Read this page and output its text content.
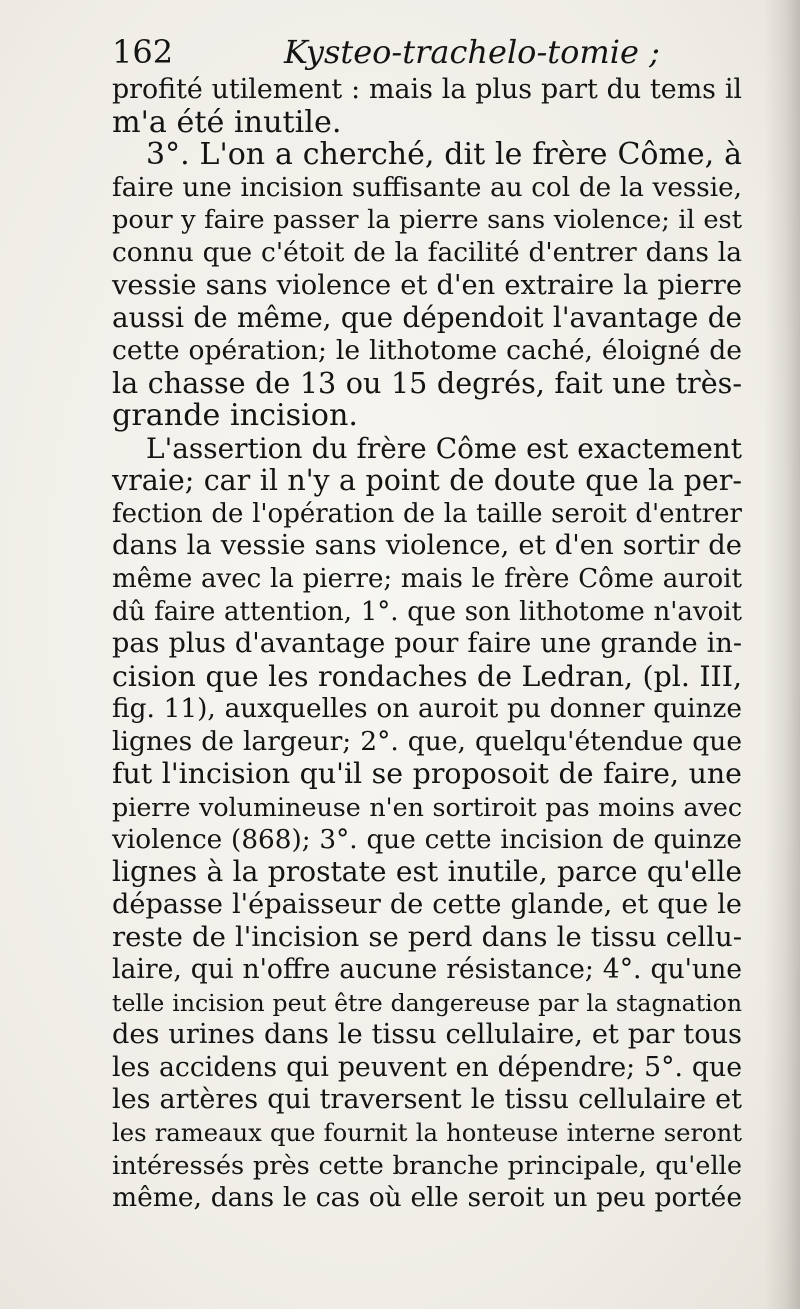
162	Kysteo-trachelo-tomie ;
profité utilement : mais la plus part du tems il
m'a été inutile.
3°. L'on a cherché, dit le frère Côme, à
faire une incision suffisante au col de la vessie,
pour y faire passer la pierre sans violence; il est
connu que c'étoit de la facilité d'entrer dans la
vessie sans violence et d'en extraire la pierre
aussi de même, que dépendoit l'avantage de
cette opération; le lithotome caché, éloigné de
la chasse de 13 ou 15 degrés, fait une très-
grande incision.
L'assertion du frère Côme est exactement
vraie; car il n'y a point de doute que la per-
fection de l'opération de la taille seroit d'entrer
dans la vessie sans violence, et d'en sortir de
même avec la pierre; mais le frère Côme auroit
dû faire attention, 1°. que son lithotome n'avoit
pas plus d'avantage pour faire une grande in-
cision que les rondaches de Ledran, (pl. III,
fig. 11), auxquelles on auroit pu donner quinze
lignes de largeur; 2°. que, quelqu'étendue que
fut l'incision qu'il se proposoit de faire, une
pierre volumineuse n'en sortiroit pas moins avec
violence (868); 3°. que cette incision de quinze
lignes à la prostate est inutile, parce qu'elle
dépasse l'épaisseur de cette glande, et que le
reste de l'incision se perd dans le tissu cellu-
laire, qui n'offre aucune résistance; 4°. qu'une
telle incision peut être dangereuse par la stagnation
des urines dans le tissu cellulaire, et par tous
les accidens qui peuvent en dépendre; 5°. que
les artères qui traversent le tissu cellulaire et
les rameaux que fournit la honteuse interne seront
intéressés près cette branche principale, qu'elle
même, dans le cas où elle seroit un peu portée
